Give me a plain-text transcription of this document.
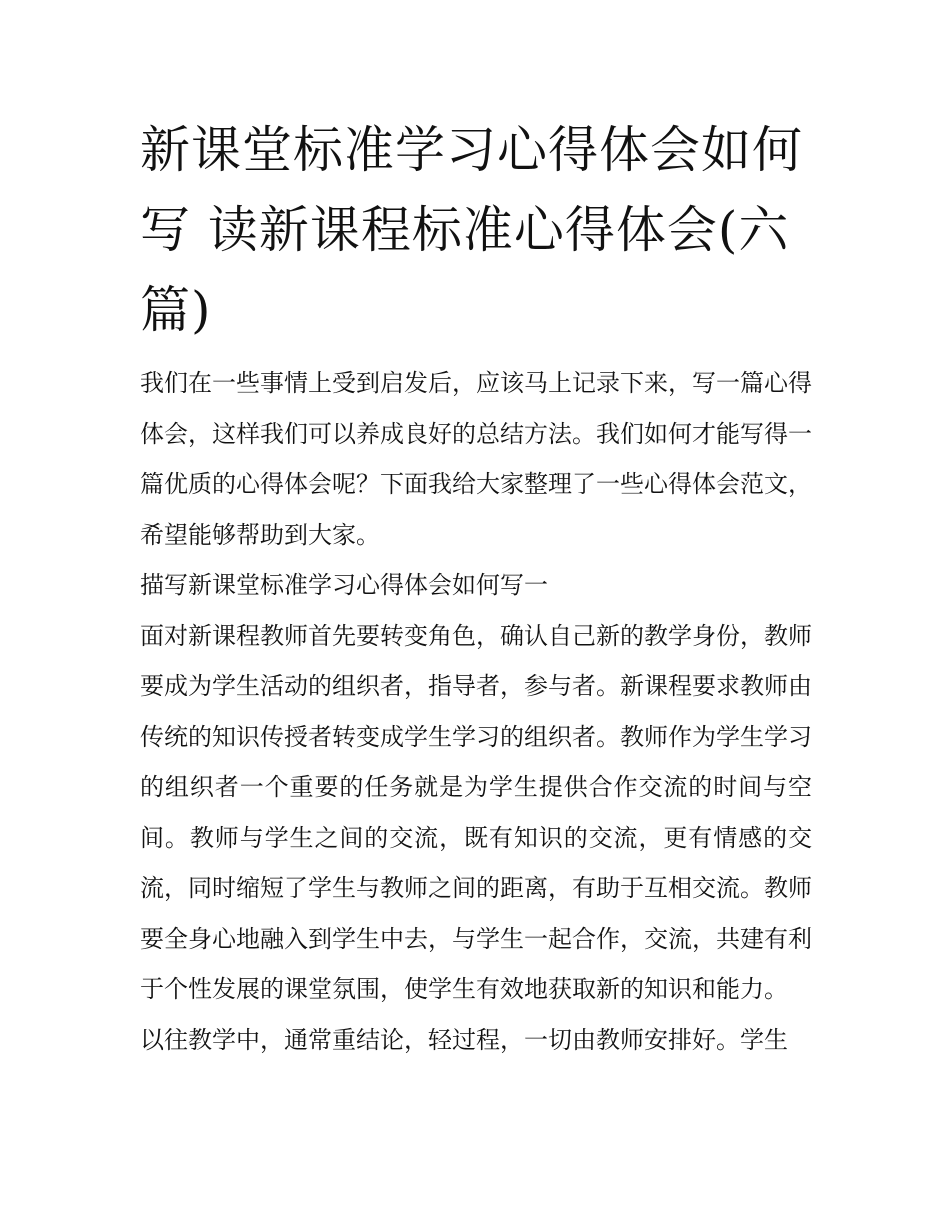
新课堂标准学习心得体会如何写 读新课程标准心得体会(六篇)

我们在一些事情上受到启发后，应该马上记录下来，写一篇心得体会，这样我们可以养成良好的总结方法。我们如何才能写得一篇优质的心得体会呢？下面我给大家整理了一些心得体会范文，希望能够帮助到大家。

描写新课堂标准学习心得体会如何写一

面对新课程教师首先要转变角色，确认自己新的教学身份，教师要成为学生活动的组织者，指导者，参与者。新课程要求教师由传统的知识传授者转变成学生学习的组织者。教师作为学生学习的组织者一个重要的任务就是为学生提供合作交流的时间与空间。教师与学生之间的交流，既有知识的交流，更有情感的交流，同时缩短了学生与教师之间的距离，有助于互相交流。教师要全身心地融入到学生中去，与学生一起合作，交流，共建有利于个性发展的课堂氛围，使学生有效地获取新的知识和能力。

以往教学中，通常重结论，轻过程，一切由教师安排好。学生
